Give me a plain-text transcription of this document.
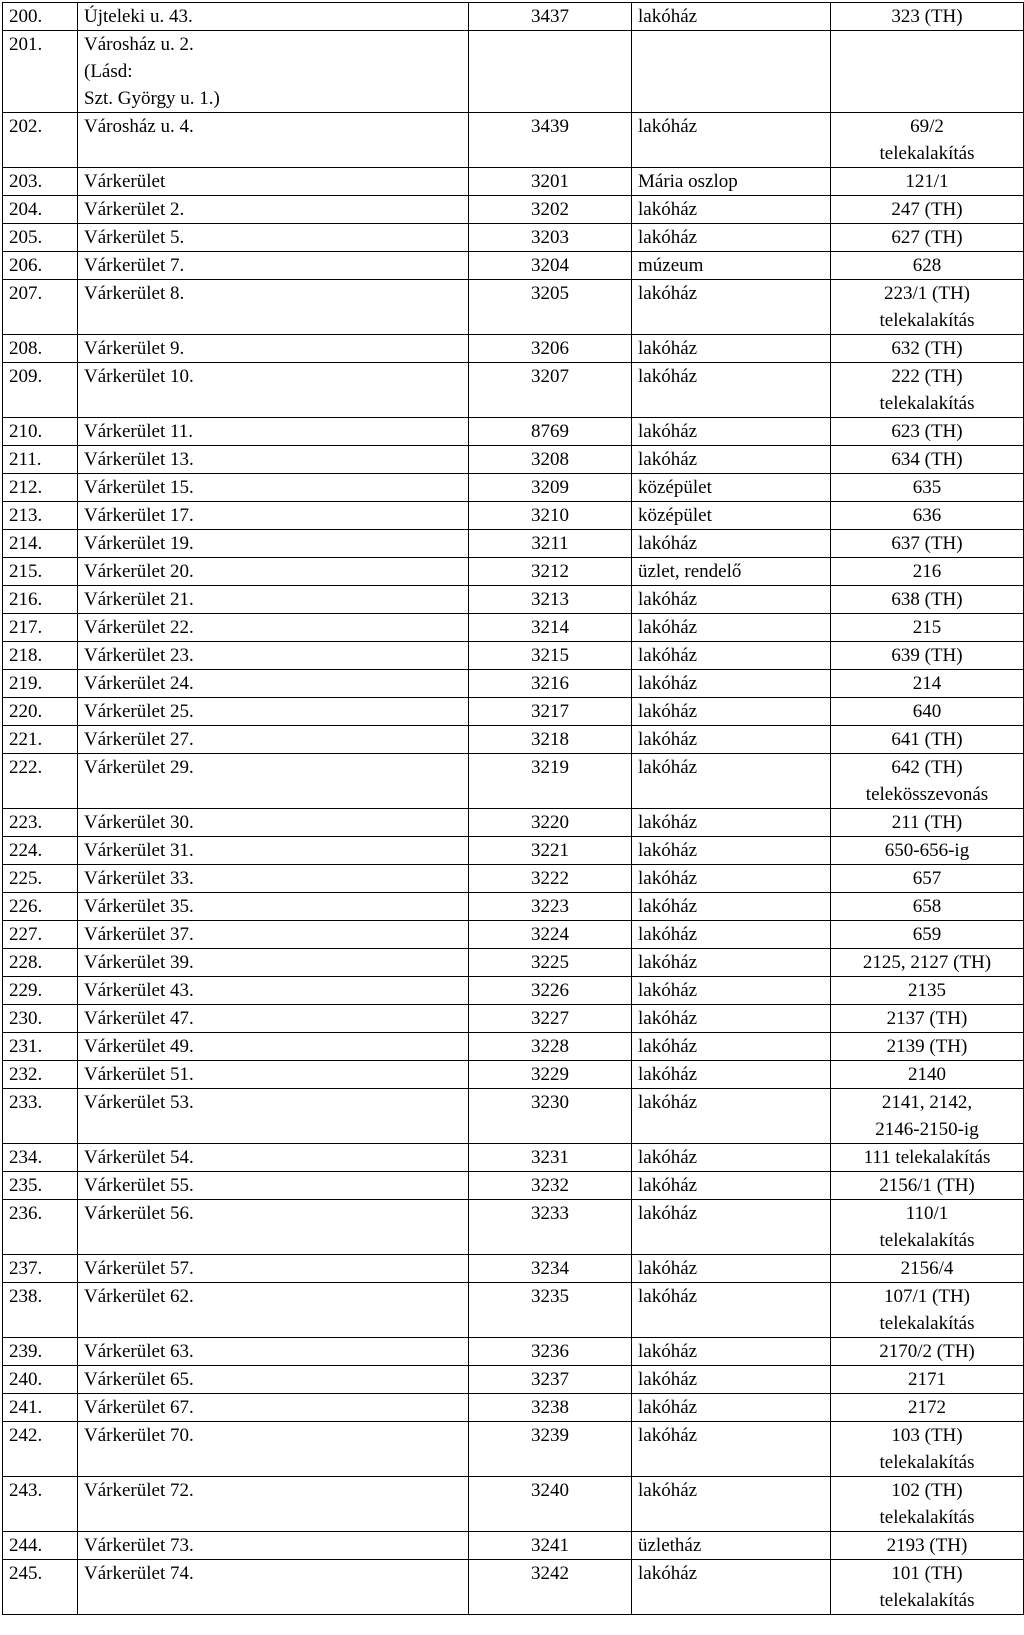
200.	Újteleki u. 43.	3437	lakóház	323 (TH)

201.	Városház u. 2.
(Lásd:
Szt. György u. 1.)			

202.	Városház u. 4.	3439	lakóház	69/2
telekalakítás

203.	Várkerület	3201	Mária oszlop	121/1

204.	Várkerület 2.	3202	lakóház	247 (TH)

205.	Várkerület 5.	3203	lakóház	627 (TH)

206.	Várkerület 7.	3204	múzeum	628

207.	Várkerület 8.	3205	lakóház	223/1 (TH)
telekalakítás

208.	Várkerület 9.	3206	lakóház	632 (TH)

209.	Várkerület 10.	3207	lakóház	222 (TH)
telekalakítás

210.	Várkerület 11.	8769	lakóház	623 (TH)

211.	Várkerület 13.	3208	lakóház	634 (TH)

212.	Várkerület 15.	3209	középület	635

213.	Várkerület 17.	3210	középület	636

214.	Várkerület 19.	3211	lakóház	637 (TH)

215.	Várkerület 20.	3212	üzlet, rendelő	216

216.	Várkerület 21.	3213	lakóház	638 (TH)

217.	Várkerület 22.	3214	lakóház	215

218.	Várkerület 23.	3215	lakóház	639 (TH)

219.	Várkerület 24.	3216	lakóház	214

220.	Várkerület 25.	3217	lakóház	640

221.	Várkerület 27.	3218	lakóház	641 (TH)

222.	Várkerület 29.	3219	lakóház	642 (TH)
telekösszevonás

223.	Várkerület 30.	3220	lakóház	211 (TH)

224.	Várkerület 31.	3221	lakóház	650-656-ig

225.	Várkerület 33.	3222	lakóház	657

226.	Várkerület 35.	3223	lakóház	658

227.	Várkerület 37.	3224	lakóház	659

228.	Várkerület 39.	3225	lakóház	2125, 2127 (TH)

229.	Várkerület 43.	3226	lakóház	2135

230.	Várkerület 47.	3227	lakóház	2137 (TH)

231.	Várkerület 49.	3228	lakóház	2139 (TH)

232.	Várkerület 51.	3229	lakóház	2140

233.	Várkerület 53.	3230	lakóház	2141, 2142,
2146-2150-ig

234.	Várkerület 54.	3231	lakóház	111 telekalakítás

235.	Várkerület 55.	3232	lakóház	2156/1 (TH)

236.	Várkerület 56.	3233	lakóház	110/1
telekalakítás

237.	Várkerület 57.	3234	lakóház	2156/4

238.	Várkerület 62.	3235	lakóház	107/1 (TH)
telekalakítás

239.	Várkerület 63.	3236	lakóház	2170/2 (TH)

240.	Várkerület 65.	3237	lakóház	2171

241.	Várkerület 67.	3238	lakóház	2172

242.	Várkerület 70.	3239	lakóház	103 (TH)
telekalakítás

243.	Várkerület 72.	3240	lakóház	102 (TH)
telekalakítás

244.	Várkerület 73.	3241	üzletház	2193 (TH)

245.	Várkerület 74.	3242	lakóház	101 (TH)
telekalakítás
